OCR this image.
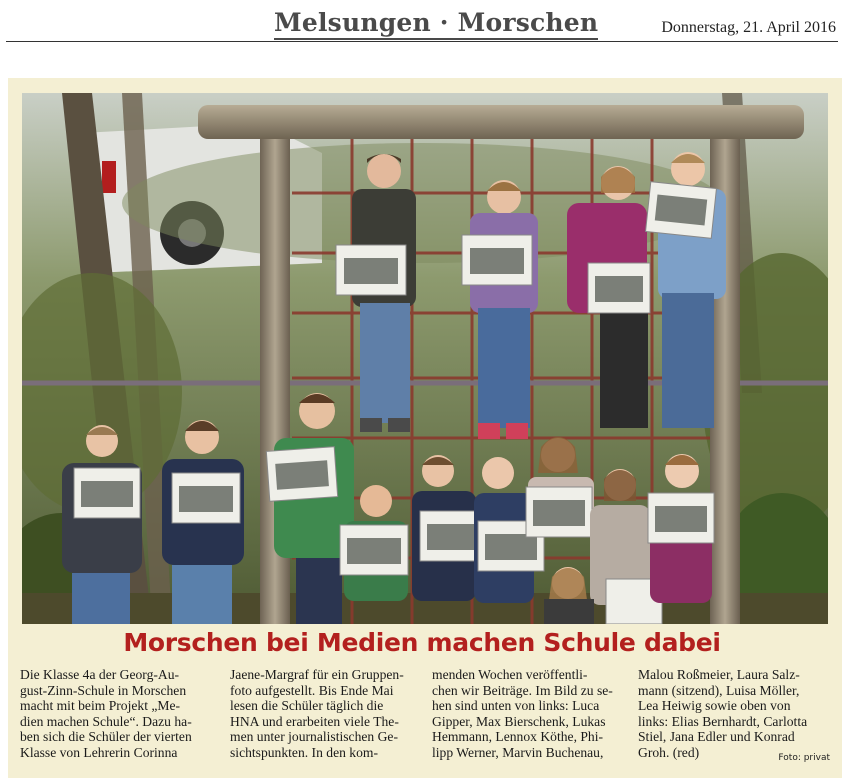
Melsungen · Morschen	Donnerstag, 21. April 2016
Morschen bei Medien machen Schule dabei
Die Klasse 4a der Georg-Au-
gust-Zinn-Schule in Morschen
macht mit beim Projekt „Me-
dien machen Schule“. Dazu ha-
ben sich die Schüler der vierten
Klasse von Lehrerin Corinna
Jaene-Margraf für ein Gruppen-
foto aufgestellt. Bis Ende Mai
lesen die Schüler täglich die
HNA und erarbeiten viele The-
men unter journalistischen Ge-
sichtspunkten. In den kom-
menden Wochen veröffentli-
chen wir Beiträge. Im Bild zu se-
hen sind unten von links: Luca
Gipper, Max Bierschenk, Lukas
Hemmann, Lennox Köthe, Phi-
lipp Werner, Marvin Buchenau,
Malou Roßmeier, Laura Salz-
mann (sitzend), Luisa Möller,
Lea Heiwig sowie oben von
links: Elias Bernhardt, Carlotta
Stiel, Jana Edler und Konrad
Groh. (red)	Foto: privat
